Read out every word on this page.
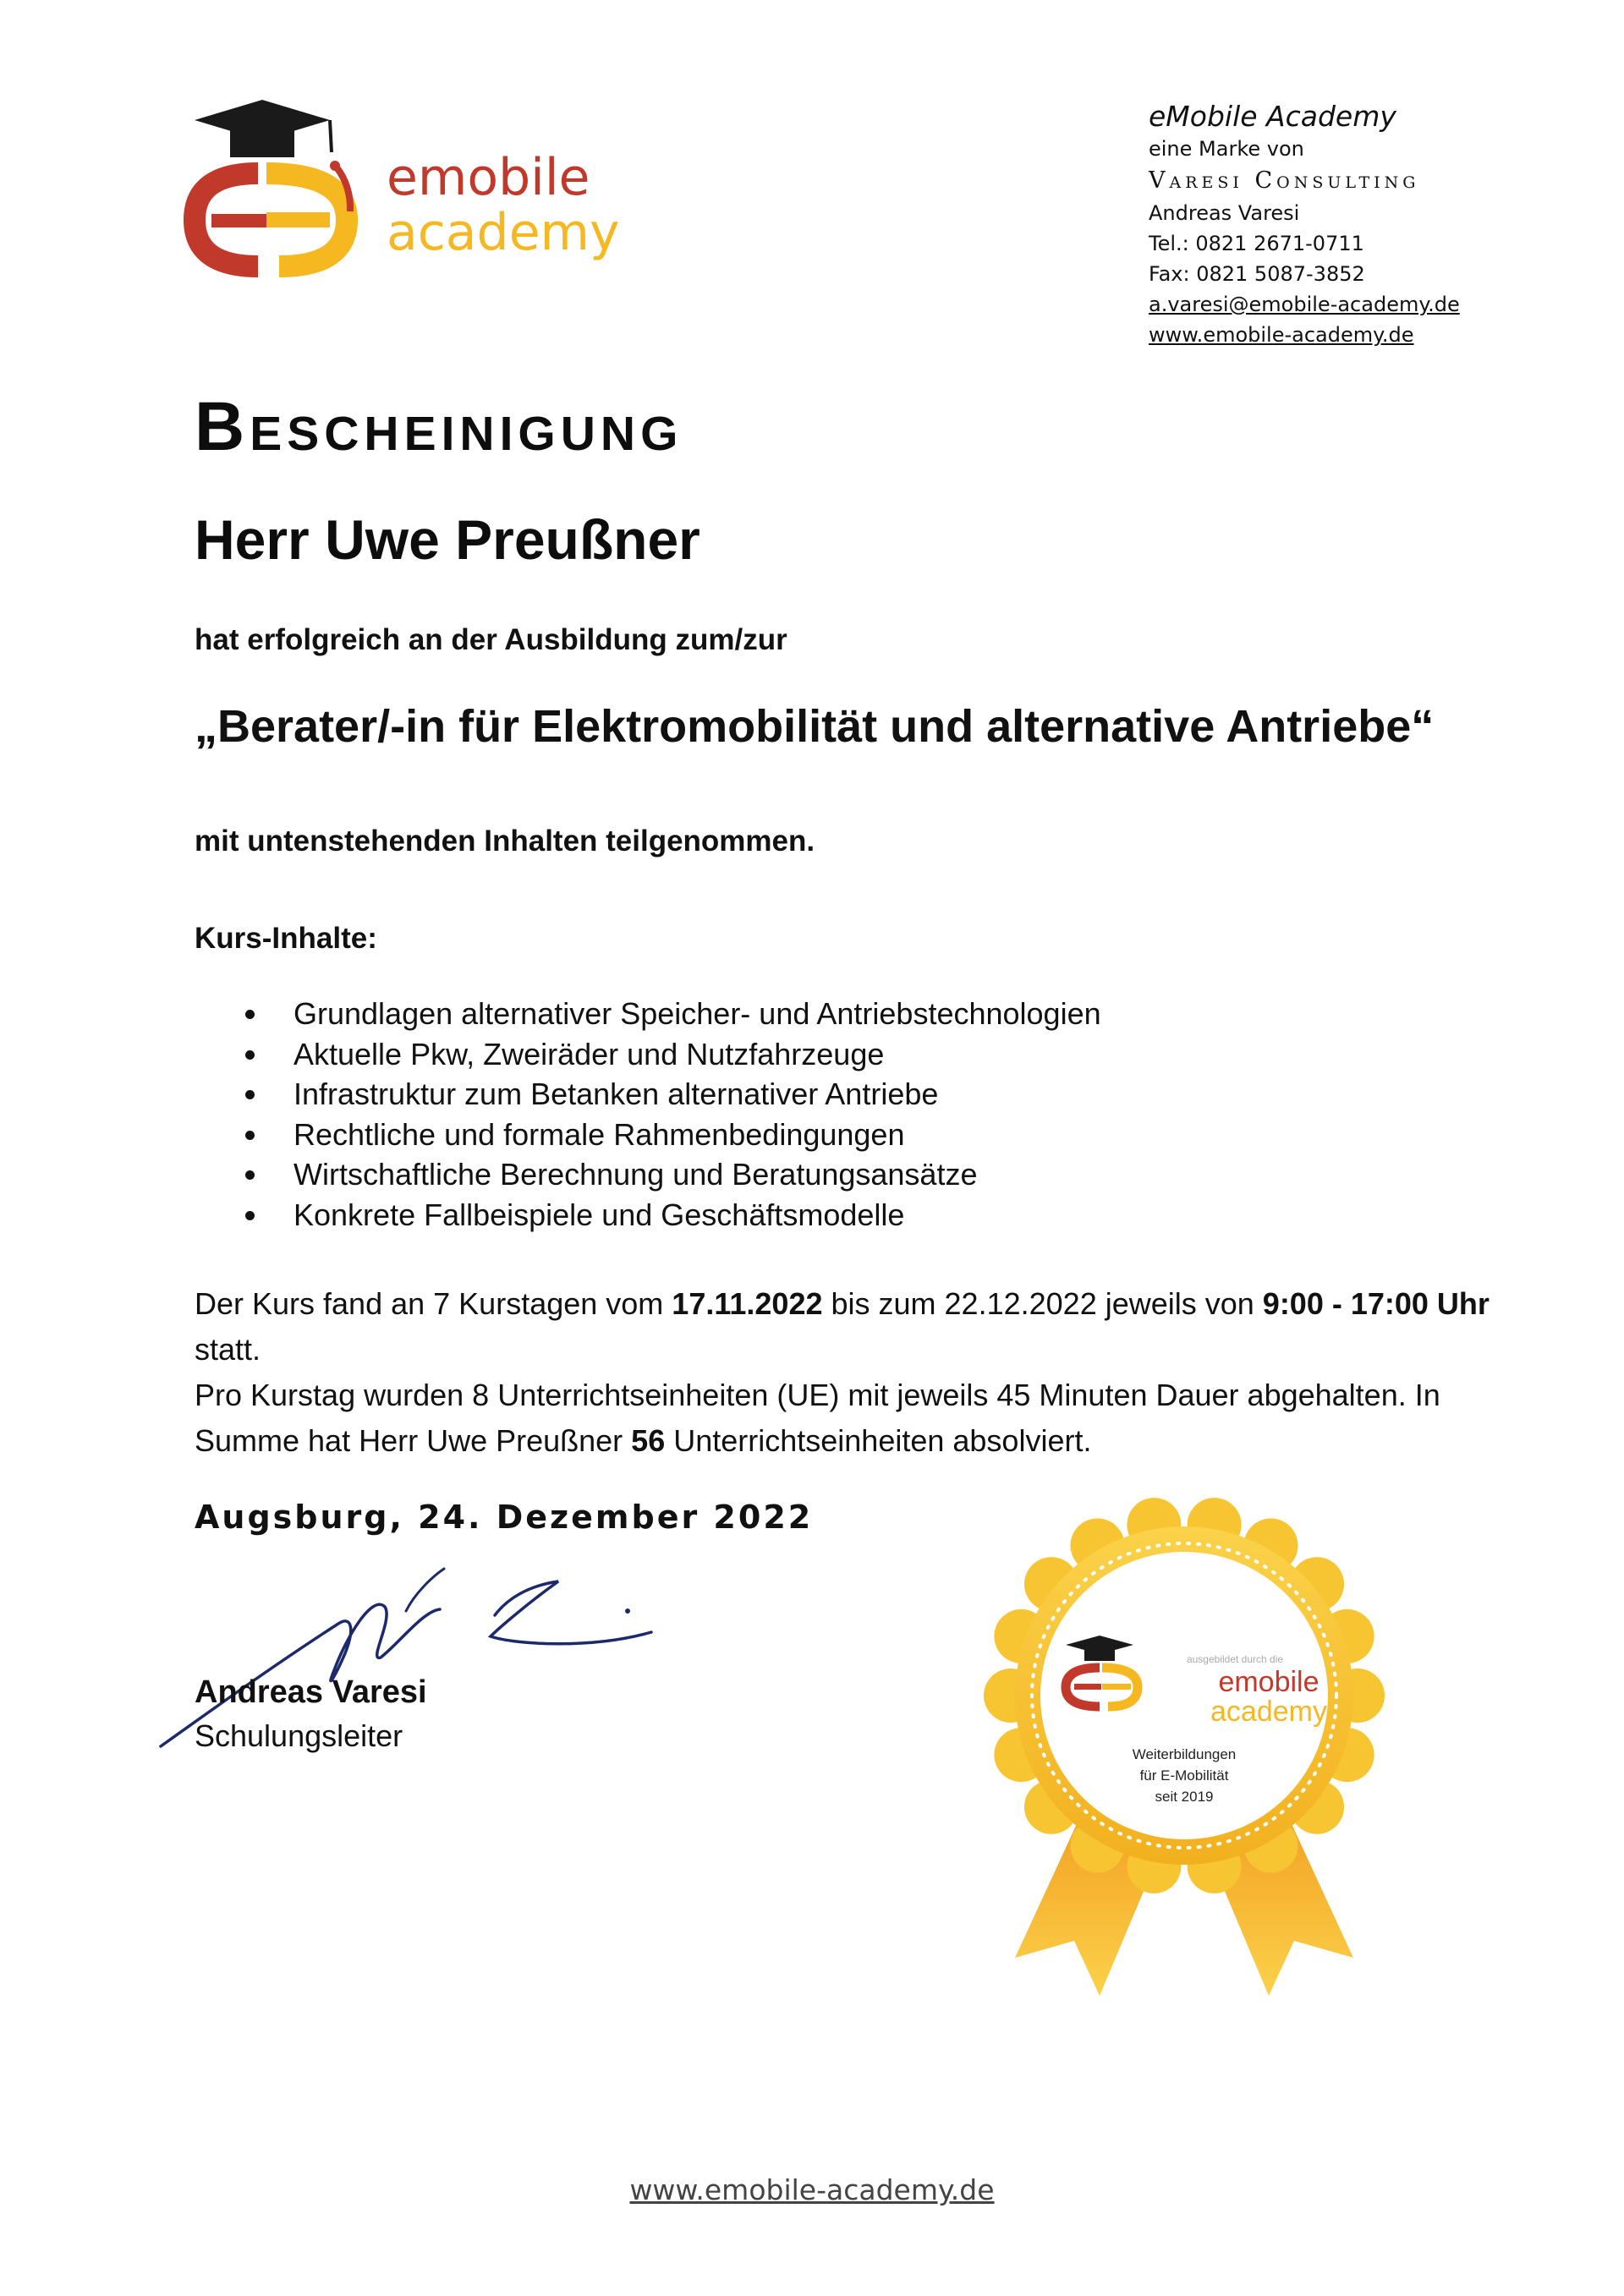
emobile
academy
eMobile Academy
eine Marke von
Varesi Consulting
Andreas Varesi
Tel.: 0821 2671-0711
Fax: 0821 5087-3852
a.varesi@emobile-academy.de
www.emobile-academy.de
Bescheinigung
Herr Uwe Preußner
hat erfolgreich an der Ausbildung zum/zur
„Berater/-in für Elektromobilität und alternative Antriebe“
mit untenstehenden Inhalten teilgenommen.
Kurs-Inhalte:
Grundlagen alternativer Speicher- und Antriebstechnologien
Aktuelle Pkw, Zweiräder und Nutzfahrzeuge
Infrastruktur zum Betanken alternativer Antriebe
Rechtliche und formale Rahmenbedingungen
Wirtschaftliche Berechnung und Beratungsansätze
Konkrete Fallbeispiele und Geschäftsmodelle
Der Kurs fand an 7 Kurstagen vom 17.11.2022 bis zum 22.12.2022 jeweils von 9:00 - 17:00 Uhr statt.
Pro Kurstag wurden 8 Unterrichtseinheiten (UE) mit jeweils 45 Minuten Dauer abgehalten. In
Summe hat Herr Uwe Preußner 56 Unterrichtseinheiten absolviert.
Augsburg, 24. Dezember 2022
Andreas Varesi
Schulungsleiter
ausgebildet durch die
emobile
academy
Weiterbildungen
für E-Mobilität
seit 2019
www.emobile-academy.de
